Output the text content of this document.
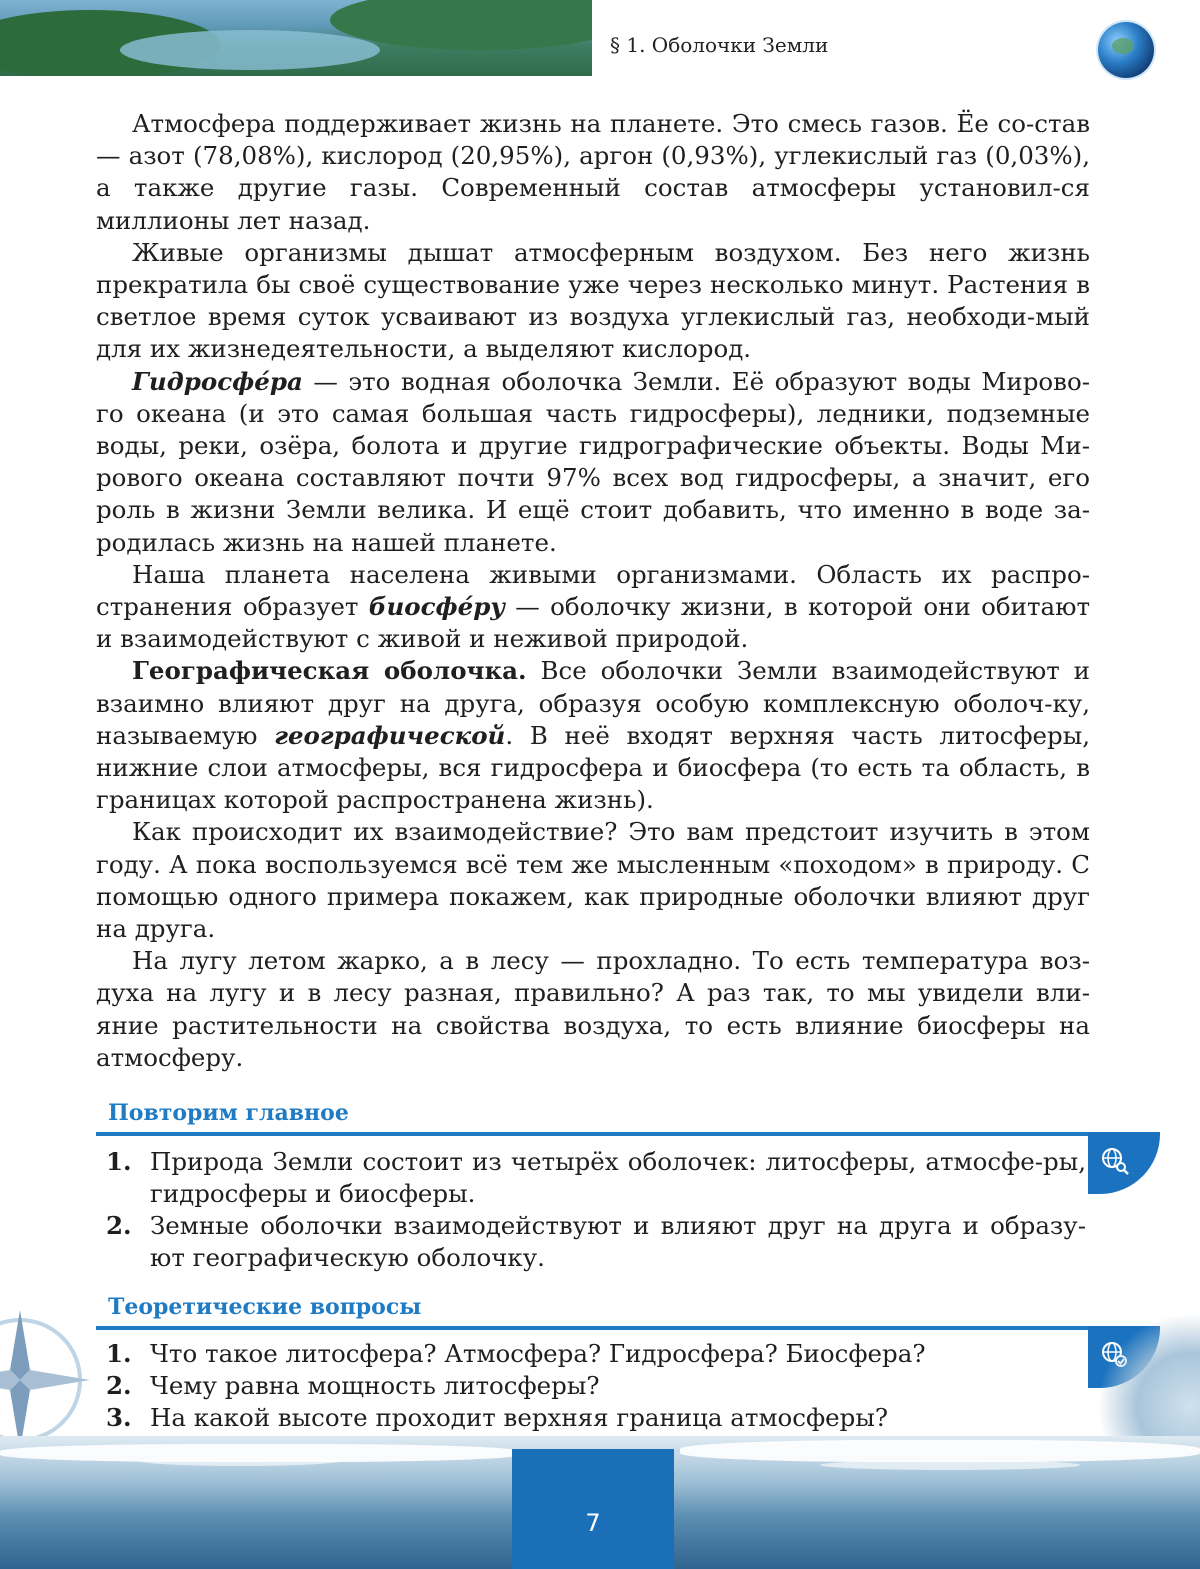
§ 1. Оболочки Земли

Атмосфера поддерживает жизнь на планете. Это смесь газов. Ёе со-став — азот (78,08%), кислород (20,95%), аргон (0,93%), углекислый газ (0,03%), а также другие газы. Современный состав атмосферы установил-ся миллионы лет назад.

Живые организмы дышат атмосферным воздухом. Без него жизнь прекратила бы своё существование уже через несколько минут. Растения в светлое время суток усваивают из воздуха углекислый газ, необходи-мый для их жизнедеятельности, а выделяют кислород.

Гидросфе́ра — это водная оболочка Земли. Её образуют воды Мирово-го океана (и это самая большая часть гидросферы), ледники, подземные воды, реки, озёра, болота и другие гидрографические объекты. Воды Ми-рового океана составляют почти 97% всех вод гидросферы, а значит, его роль в жизни Земли велика. И ещё стоит добавить, что именно в воде за-родилась жизнь на нашей планете.

Наша планета населена живыми организмами. Область их распро-странения образует биосфе́ру — оболочку жизни, в которой они обитают и взаимодействуют с живой и неживой природой.

Географическая оболочка. Все оболочки Земли взаимодействуют и взаимно влияют друг на друга, образуя особую комплексную оболоч-ку, называемую географической. В неё входят верхняя часть литосферы, нижние слои атмосферы, вся гидросфера и биосфера (то есть та область, в границах которой распространена жизнь).

Как происходит их взаимодействие? Это вам предстоит изучить в этом году. А пока воспользуемся всё тем же мысленным «походом» в природу. С помощью одного примера покажем, как природные оболочки влияют друг на друга.

На лугу летом жарко, а в лесу — прохладно. То есть температура воз-духа на лугу и в лесу разная, правильно? А раз так, то мы увидели вли-яние растительности на свойства воздуха, то есть влияние биосферы на атмосферу.

Повторим главное
1. Природа Земли состоит из четырёх оболочек: литосферы, атмосфе-ры, гидросферы и биосферы.
2. Земные оболочки взаимодействуют и влияют друг на друга и образу-ют географическую оболочку.
Теоретические вопросы
1. Что такое литосфера? Атмосфера? Гидросфера? Биосфера?
2. Чему равна мощность литосферы?
3. На какой высоте проходит верхняя граница атмосферы?
7
